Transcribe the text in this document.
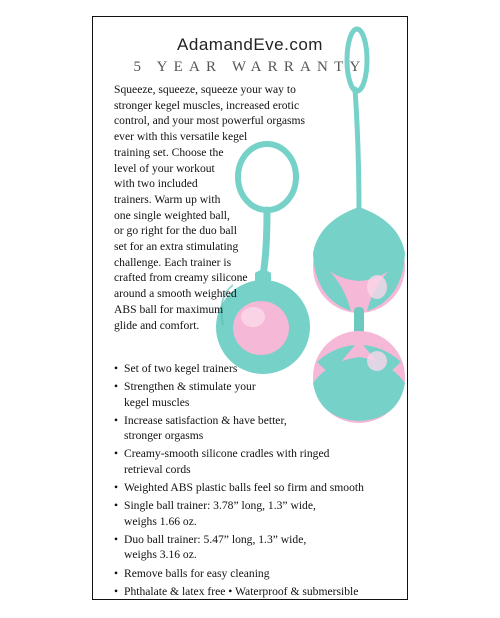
AdamandEve.com
5 YEAR WARRANTY
Squeeze, squeeze, squeeze your way to
stronger kegel muscles, increased erotic
control, and your most powerful orgasms
ever with this versatile kegel
training set. Choose the
level of your workout
with two included
trainers. Warm up with
one single weighted ball,
or go right for the duo ball
set for an extra stimulating
challenge. Each trainer is
crafted from creamy silicone
around a smooth weighted
ABS ball for maximum
glide and comfort.
• Set of two kegel trainers
• Strengthen & stimulate your
kegel muscles
• Increase satisfaction & have better,
stronger orgasms
• Creamy-smooth silicone cradles with ringed
retrieval cords
• Weighted ABS plastic balls feel so firm and smooth
• Single ball trainer: 3.78” long, 1.3” wide,
weighs 1.66 oz.
• Duo ball trainer: 5.47” long, 1.3” wide,
weighs 3.16 oz.
• Remove balls for easy cleaning
• Phthalate & latex free • Waterproof & submersible
